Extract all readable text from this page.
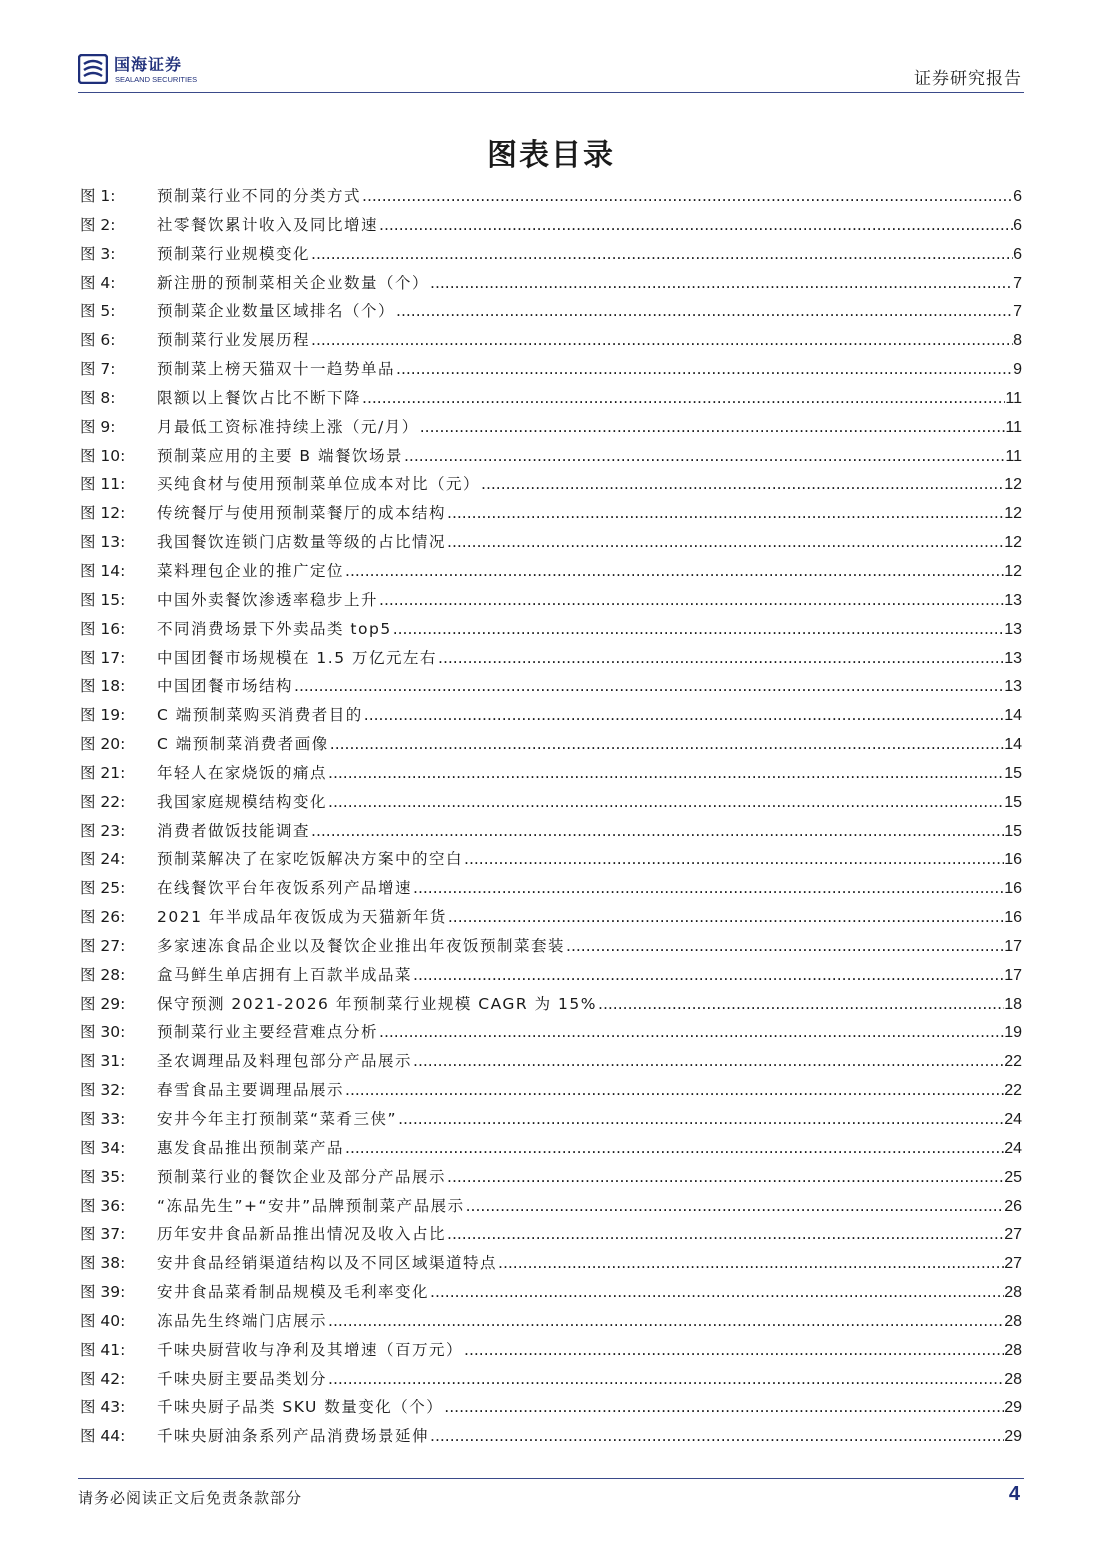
国海证券
SEALAND SECURITIES	证券研究报告
图表目录
图 1:	预制菜行业不同的分类方式 .....	6
图 2:	社零餐饮累计收入及同比增速 .....	6
图 3:	预制菜行业规模变化 .....	6
图 4:	新注册的预制菜相关企业数量（个） .....	7
图 5:	预制菜企业数量区域排名（个） .....	7
图 6:	预制菜行业发展历程 .....	8
图 7:	预制菜上榜天猫双十一趋势单品 .....	9
图 8:	限额以上餐饮占比不断下降 .....	11
图 9:	月最低工资标准持续上涨（元/月） .....	11
图 10:	预制菜应用的主要 B 端餐饮场景 .....	11
图 11:	买纯食材与使用预制菜单位成本对比（元） .....	12
图 12:	传统餐厅与使用预制菜餐厅的成本结构 .....	12
图 13:	我国餐饮连锁门店数量等级的占比情况 .....	12
图 14:	菜料理包企业的推广定位 .....	12
图 15:	中国外卖餐饮渗透率稳步上升 .....	13
图 16:	不同消费场景下外卖品类 top5 .....	13
图 17:	中国团餐市场规模在 1.5 万亿元左右 .....	13
图 18:	中国团餐市场结构 .....	13
图 19:	C 端预制菜购买消费者目的 .....	14
图 20:	C 端预制菜消费者画像 .....	14
图 21:	年轻人在家烧饭的痛点 .....	15
图 22:	我国家庭规模结构变化 .....	15
图 23:	消费者做饭技能调查 .....	15
图 24:	预制菜解决了在家吃饭解决方案中的空白 .....	16
图 25:	在线餐饮平台年夜饭系列产品增速 .....	16
图 26:	2021 年半成品年夜饭成为天猫新年货 .....	16
图 27:	多家速冻食品企业以及餐饮企业推出年夜饭预制菜套装 .....	17
图 28:	盒马鲜生单店拥有上百款半成品菜 .....	17
图 29:	保守预测 2021-2026 年预制菜行业规模 CAGR 为 15% .....	18
图 30:	预制菜行业主要经营难点分析 .....	19
图 31:	圣农调理品及料理包部分产品展示 .....	22
图 32:	春雪食品主要调理品展示 .....	22
图 33:	安井今年主打预制菜“菜肴三侠” .....	24
图 34:	惠发食品推出预制菜产品 .....	24
图 35:	预制菜行业的餐饮企业及部分产品展示 .....	25
图 36:	“冻品先生”+“安井”品牌预制菜产品展示 .....	26
图 37:	历年安井食品新品推出情况及收入占比 .....	27
图 38:	安井食品经销渠道结构以及不同区域渠道特点 .....	27
图 39:	安井食品菜肴制品规模及毛利率变化 .....	28
图 40:	冻品先生终端门店展示 .....	28
图 41:	千味央厨营收与净利及其增速（百万元） .....	28
图 42:	千味央厨主要品类划分 .....	28
图 43:	千味央厨子品类 SKU 数量变化（个） .....	29
图 44:	千味央厨油条系列产品消费场景延伸 .....	29
请务必阅读正文后免责条款部分	4
